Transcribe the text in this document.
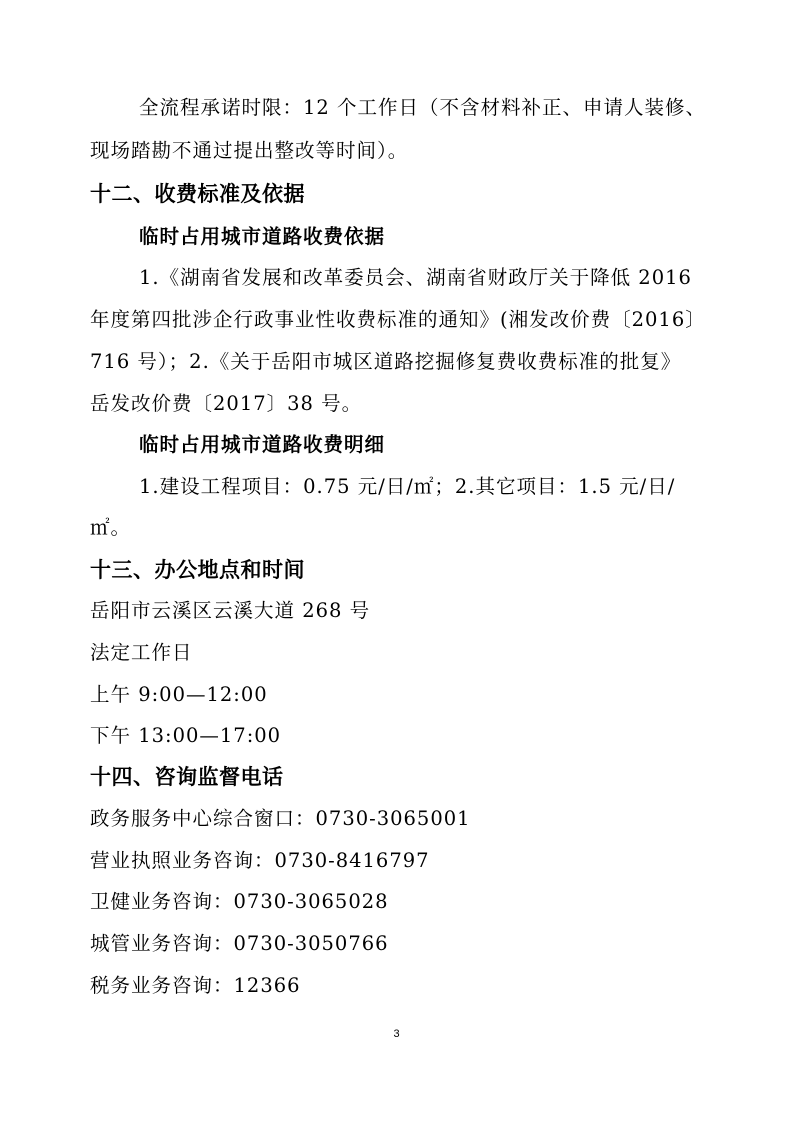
全流程承诺时限：12 个工作日（不含材料补正、申请人装修、
现场踏勘不通过提出整改等时间）。
十二、收费标准及依据
临时占用城市道路收费依据
1.《湖南省发展和改革委员会、湖南省财政厅关于降低 2016
年度第四批涉企行政事业性收费标准的通知》(湘发改价费〔2016〕
716 号）；2.《关于岳阳市城区道路挖掘修复费收费标准的批复》
岳发改价费〔2017〕38 号。
临时占用城市道路收费明细
1.建设工程项目：0.75 元/日/㎡；2.其它项目：1.5 元/日/
㎡。
十三、办公地点和时间
岳阳市云溪区云溪大道 268 号
法定工作日
上午 9:00—12:00
下午 13:00—17:00
十四、咨询监督电话
政务服务中心综合窗口：0730-3065001
营业执照业务咨询：0730-8416797
卫健业务咨询：0730-3065028
城管业务咨询：0730-3050766
税务业务咨询：12366
3
